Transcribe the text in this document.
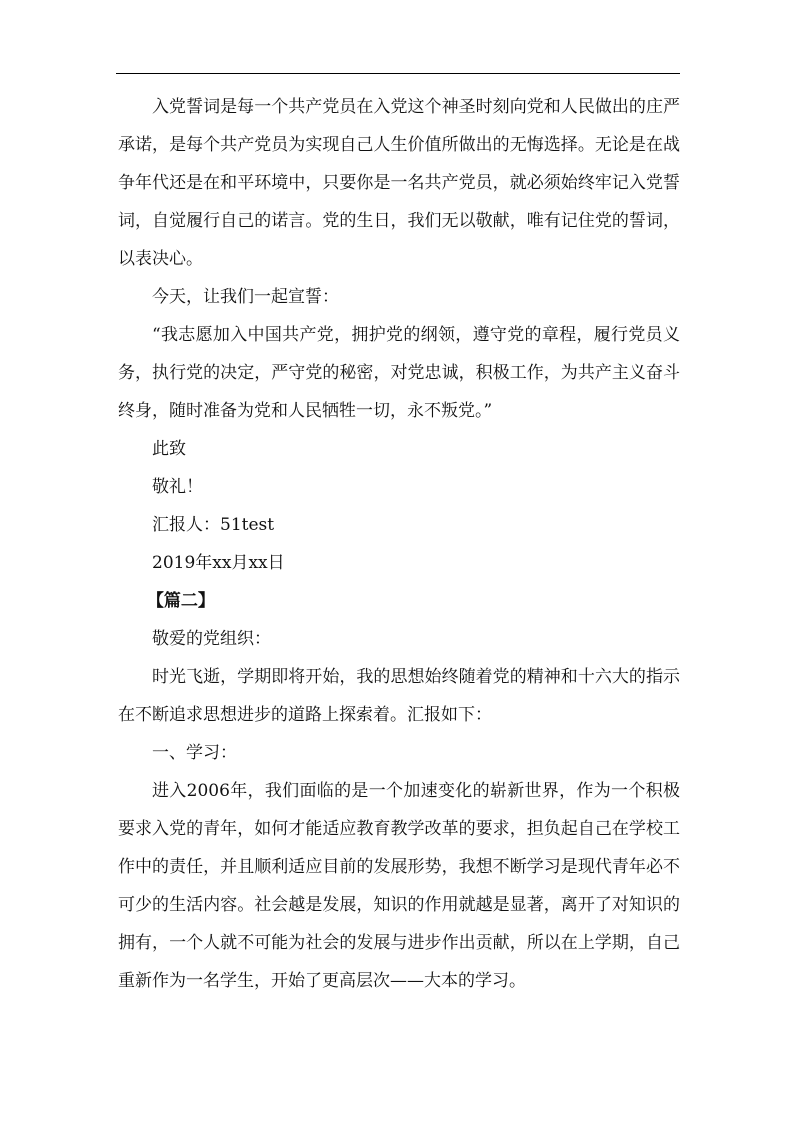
入党誓词是每一个共产党员在入党这个神圣时刻向党和人民做出的庄严承诺，是每个共产党员为实现自己人生价值所做出的无悔选择。无论是在战争年代还是在和平环境中，只要你是一名共产党员，就必须始终牢记入党誓词，自觉履行自己的诺言。党的生日，我们无以敬献，唯有记住党的誓词，以表决心。

今天，让我们一起宣誓：

“我志愿加入中国共产党，拥护党的纲领，遵守党的章程，履行党员义务，执行党的决定，严守党的秘密，对党忠诚，积极工作，为共产主义奋斗终身，随时准备为党和人民牺牲一切，永不叛党。”

此致

敬礼！

汇报人：51test

2019年xx月xx日

【篇二】

敬爱的党组织：

时光飞逝，学期即将开始，我的思想始终随着党的精神和十六大的指示在不断追求思想进步的道路上探索着。汇报如下：

一、学习：

进入2006年，我们面临的是一个加速变化的崭新世界，作为一个积极要求入党的青年，如何才能适应教育教学改革的要求，担负起自己在学校工作中的责任，并且顺利适应目前的发展形势，我想不断学习是现代青年必不可少的生活内容。社会越是发展，知识的作用就越是显著，离开了对知识的拥有，一个人就不可能为社会的发展与进步作出贡献，所以在上学期，自己重新作为一名学生，开始了更高层次——大本的学习。
